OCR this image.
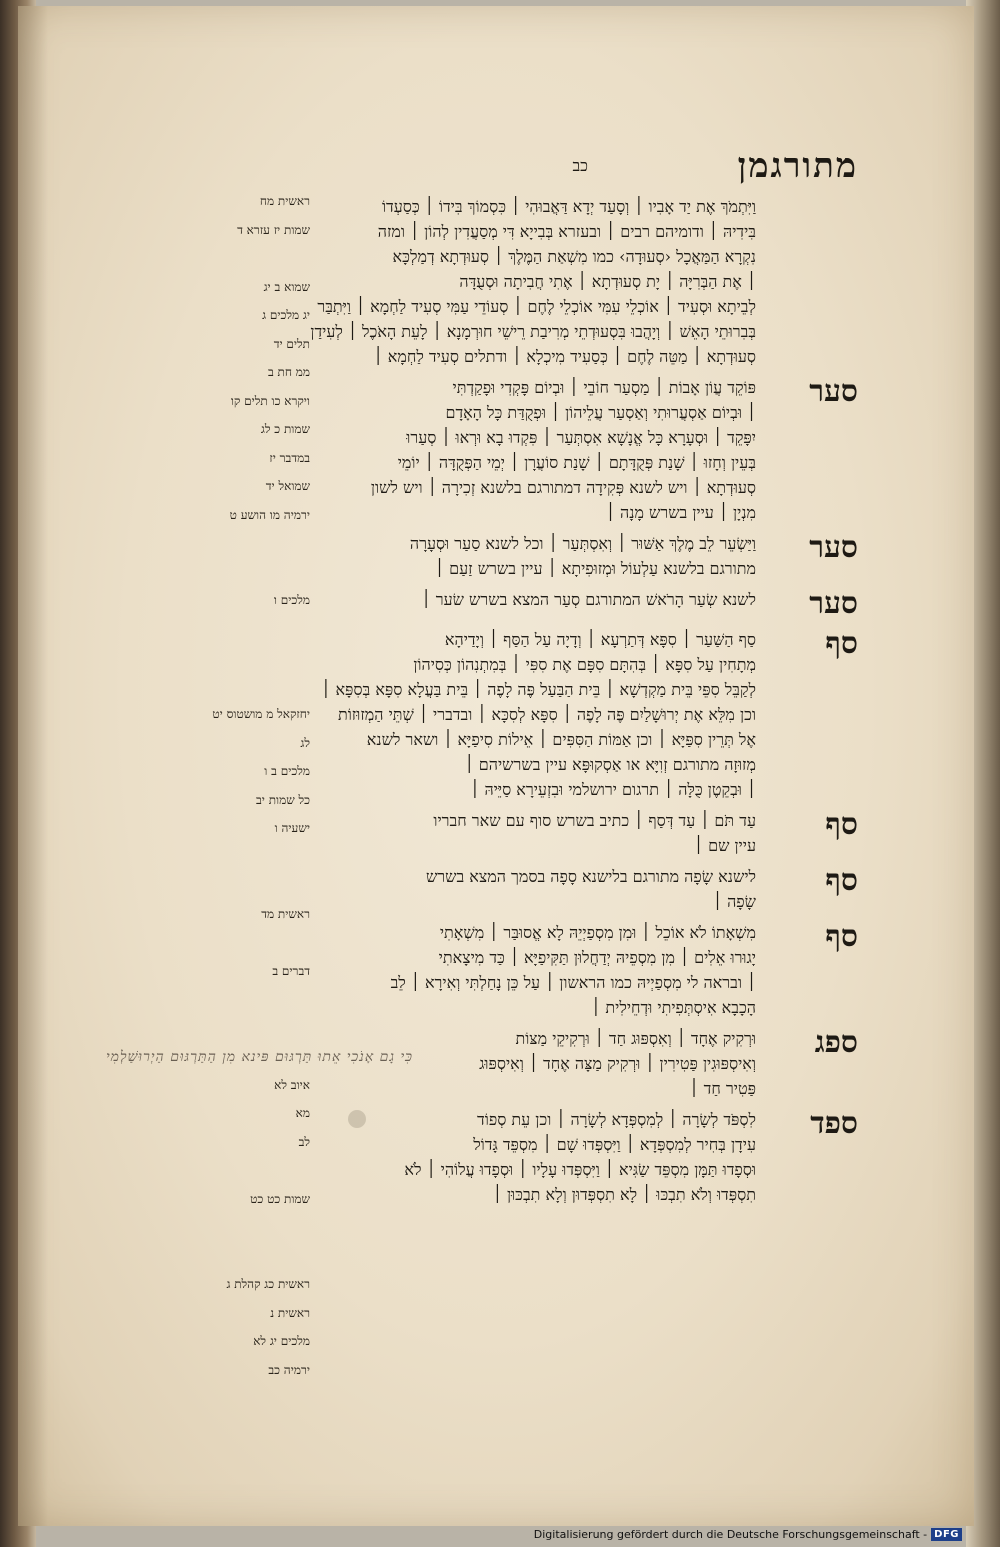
מתורגמן
כב
וַיִּתְמֹךְ אֶת יַד אָבִיו ׀ וְסָעַד יְדָא דַּאֲבוּהִי ׀ כִּסְמוֹךְ בִּידוֹ ׀ כְּסַעְדוֹ
בִּידִיהּ ׀ ודומיהם רבים ׀ ובעזרא בְּבִייָא דִּי מְסַעֲדִין לְהוֹן ׀ ומזה
נִקְרָא הַמַּאֲכָל ‹סְעוּדָה› כמו מִשְׁאַת הַמֶּלֶךְ ׀ סְעוּדְתָא דְמַלְכָּא
׀ אֶת הַבְּרִיָּה ׀ יָת סְעוּדְתָא ׀ אֶתִי חֲבִיתָה וּסְעֻדָּה
לְבֵיתָא וּסְעִיד ׀ אוֹכְלֵי עִמִּי אוֹכְלֵי לֶחֶם ׀ סְעוֹדֵי עַמִּי סְעִיד לַחְמָא ׀ וַיִּתְבַּר
בְּבִרוּתֵי הָאֵשׁ ׀ וְיָהֲבוּ בִּסְעוּדְתֵי מְרִיבַת רֵישֵׁי חוּרְמָנָא ׀ לָעֵת הָאֹכֶל ׀ לְעִידַן
סְעוּדְתָא ׀ מַטֵּה לֶחֶם ׀ כְּסַעִיד מִיכְלָא ׀ ודתלים סְעִיד לַחְמָא ׀
סער
פּוֹקֵד עֲוֹן אָבוֹת ׀ מַסְעַר חוֹבֵי ׀ וּבְיוֹם פָּקְדִי וּפָקַדְתִּי
׀ וּבְיוֹם אַסְעֲרוּתִי וְאַסְעַר עֲלֵיהוֹן ׀ וּפְקֻדַּת כָּל הָאָדָם
יִפָּקֵד ׀ וּסְעָרָא כָּל אֱנָשָׁא אִסְתְּעַר ׀ פִּקְדוּ בָא וּרְאוּ ׀ סְעַרוּ
בְּעֵין וְחָזוּ ׀ שָׁנַת פְּקֻדָּתָם ׀ שָׁנַת סוֹעֲרָן ׀ יְמֵי הַפְּקֻדָּה ׀ יוֹמֵי
סְעוּדְתָא ׀ ויש לשנא פְּקִידָה דמתורגם בלשנא זְכִירָה ׀ ויש לשון
מִנְיָן ׀ עיין בשרש מָנָה ׀
סער
וַיַּשְׂעֵר לֵב מֶלֶךְ אַשּׁוּר ׀ וְאִסְתְּעַר ׀ וכל לשנא סַעַר וּסְעָרָה
מתורגם בלשנא עַלְעוֹל וּמְזוּפִיתָא ׀ עיין בשרש זַעַם ׀
סער
לשנא שְׂעַר הָרֹאשׁ המתורגם סְעַר המצא בשרש שׂער ׀
סף
סַף הַשַּׁעַר ׀ סִפָּא דְּתַרְעָא ׀ וְדָיָה עַל הַסַּף ׀ וְיָדַיהָא
מְתָחִין עַל סִפָּא ׀ בְּהִתָּם סִפָּם אֶת סִפִּי ׀ בְּמִתְנִהוֹן כְּסִיהוֹן
לְקַבֵּל סִפֵּי בֵּית מַקְדְשָׁא ׀ בֵּית הַבַּעַל פֶּה לָפֶה ׀ בֵּית בַּעֲלָא סִפָּא בְּסִפָּא ׀
וכן מִלֵּא אֶת יְרוּשָׁלַיִם פֶּה לָפֶה ׀ סִפָּא לְסִכָּא ׀ ובדברי ׀ שְׁתֵּי הַמְזוּזוֹת
אֶל תְּרֵין סִפַּיָּא ׀ וכן אַמּוֹת הַסִּפִּים ׀ אֵילוֹת סִיפַיָּא ׀ ושאר לשנא
מְזוּזָה מתורגם זְוִיָּא או אַסְקוּפָּא עיין בשרשיהם ׀
׀ וּבְקֵטֶן כֻּלָּה ׀ תרגום ירושלמי וּבִזְעֵירָא סַיֵּיהּ ׀
סף
עַד תֹּם ׀ עַד דְּסַף ׀ כתיב בשרש סוף עם שאר חבריו
עיין שם ׀
סף
לישנא שָׂפָה מתורגם בלישנא סָפָה בסמך המצא בשרש
שָׂפָה ׀
סף
מִשְׁאָתוֹ לֹא אוֹכֵל ׀ וּמִן מִסְפַיְיֵהּ לָא אֱסוּבַּר ׀ מִשְׁאָתִי
יָגוּרוּ אֵלִים ׀ מִן מִסְפֵיהּ יְדַחֲלוּן תַּקִּיפַיָּא ׀ כַּד מִיצָאתִי
׀ ובראה לי מִסְפַיְיהּ כמו הראשון ׀ עַל כֵּן נָחַלְתִּי וְאִירָא ׀ לֵב
הָכָבָא אִיסְתְּפִיתִי וּדְחֵילִית ׀
ספג
וּרְקִיק אֶחָד ׀ וְאִסְפּוּג חַד ׀ וּרְקִיקֵי מַצּוֹת
וְאִיסְפּוּגִין פַּטִירִין ׀ וּרְקִיק מַצָּה אֶחָד ׀ וְאִיסְפּוּג
פַּטִיר חַד ׀
ספד
לִסְפֹּד לְשָׂרָה ׀ לְמִסְפְּדָא לְשָׂרָה ׀ וכן עֵת סְפוֹד
עִידָן בְּחִיר לְמִסְפְּדָא ׀ וַיִּסְפְּדוּ שָׁם ׀ מִסְפֵּד גָּדוֹל
וּסְפָדוּ תַּמָּן מִסְפֵּד שַׂגִּיא ׀ וַיִּסְפְּדוּ עָלָיו ׀ וּסְפָדוּ עֲלוֹהִי ׀ לֹא
תִסְפְּדוּ וְלֹא תִבְכּוּ ׀ לָא תִסְפְּדוּן וְלָא תִבְכּוּן ׀
ראשית מח
שמות יז עזרא ד
שמוא ב יג
יג מלכים ג
תלים יד
ממ חת ב
ויקרא כו תלים קו
שמות כ לג
במדבר יז
שמואל יד
ירמיה מו הושע ט
מלכים ו
יחזקאל מ מושטוס יט
לג
מלכים ב ו
כל שמות יב
ישעיה ו
ראשית מד
דברים ב
איוב לא
מא
לב
שמות כט כט
ראשית כג קהלת ג
ראשית נ
מלכים יג לא
ירמיה כב
כִּי גָם אָנֹכִי אֵתוּ תַּרְגּוּם פּינא מִן הַתַּרְגּוּם הַיְרוּשַׁלְמִי
Digitalisierung gefördert durch die Deutsche Forschungsgemeinschaft - DFG
